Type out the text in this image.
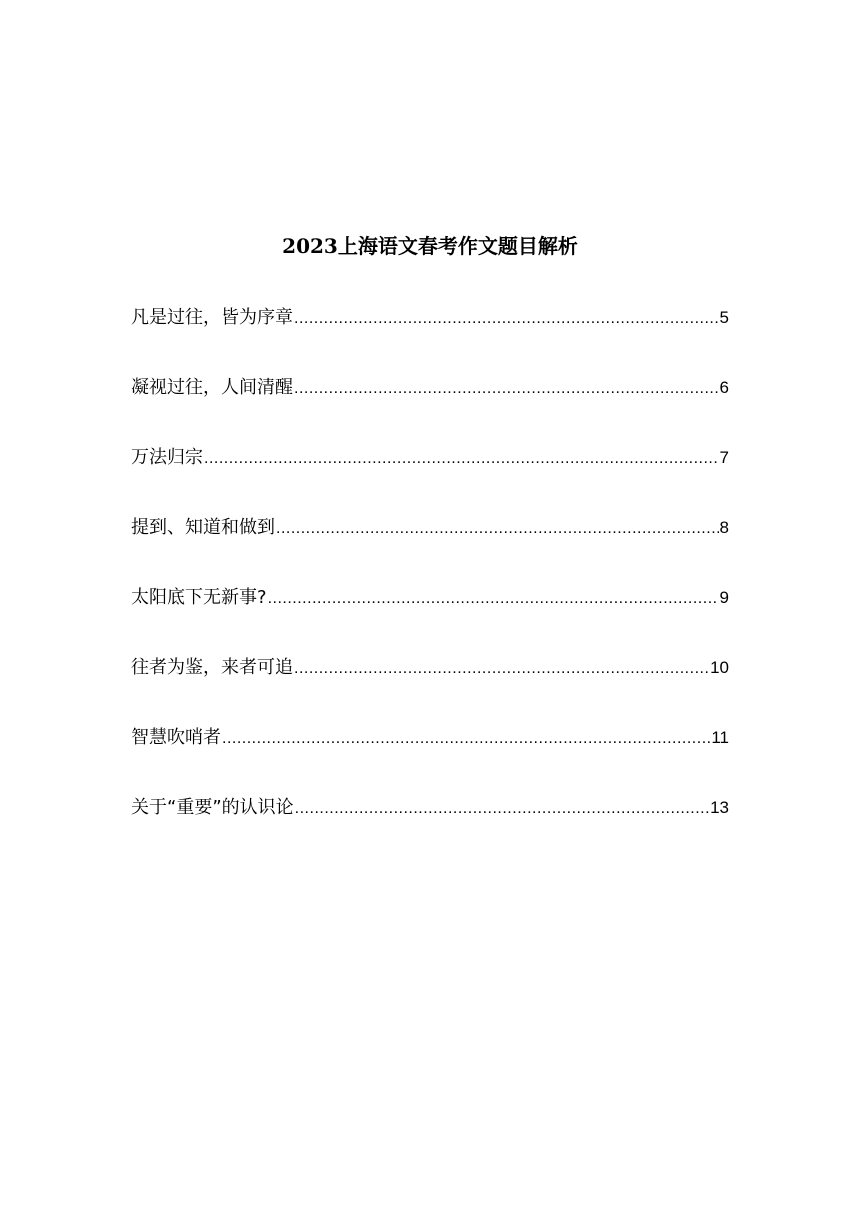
2023上海语文春考作文题目解析
凡是过往，皆为序章 .....	5
凝视过往，人间清醒 .....	6
万法归宗 .....	7
提到、知道和做到 .....	8
太阳底下无新事? .....	9
往者为鉴，来者可追 .....	10
智慧吹哨者 .....	11
关于“重要”的认识论 .....	13
